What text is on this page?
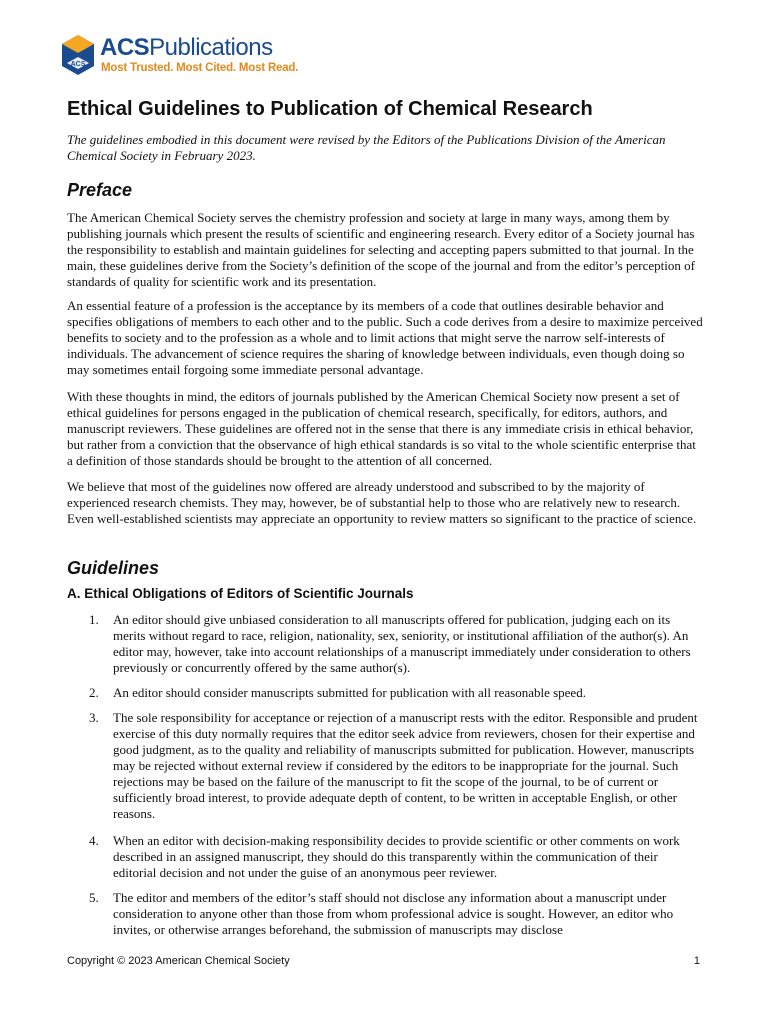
ACS
ACSPublications
Most Trusted. Most Cited. Most Read.
Ethical Guidelines to Publication of Chemical Research

The guidelines embodied in this document were revised by the Editors of the Publications Division of the American Chemical Society in February 2023.

Preface

The American Chemical Society serves the chemistry profession and society at large in many ways, among them by publishing journals which present the results of scientific and engineering research. Every editor of a Society journal has the responsibility to establish and maintain guidelines for selecting and accepting papers submitted to that journal. In the main, these guidelines derive from the Society’s definition of the scope of the journal and from the editor’s perception of standards of quality for scientific work and its presentation.

An essential feature of a profession is the acceptance by its members of a code that outlines desirable behavior and specifies obligations of members to each other and to the public. Such a code derives from a desire to maximize perceived benefits to society and to the profession as a whole and to limit actions that might serve the narrow self-interests of individuals. The advancement of science requires the sharing of knowledge between individuals, even though doing so may sometimes entail forgoing some immediate personal advantage.

With these thoughts in mind, the editors of journals published by the American Chemical Society now present a set of ethical guidelines for persons engaged in the publication of chemical research, specifically, for editors, authors, and manuscript reviewers. These guidelines are offered not in the sense that there is any immediate crisis in ethical behavior, but rather from a conviction that the observance of high ethical standards is so vital to the whole scientific enterprise that a definition of those standards should be brought to the attention of all concerned.

We believe that most of the guidelines now offered are already understood and subscribed to by the majority of experienced research chemists. They may, however, be of substantial help to those who are relatively new to research. Even well-established scientists may appreciate an opportunity to review matters so significant to the practice of science.

Guidelines
A. Ethical Obligations of Editors of Scientific Journals
1. An editor should give unbiased consideration to all manuscripts offered for publication, judging each on its merits without regard to race, religion, nationality, sex, seniority, or institutional affiliation of the author(s). An editor may, however, take into account relationships of a manuscript immediately under consideration to others previously or concurrently offered by the same author(s).

2. An editor should consider manuscripts submitted for publication with all reasonable speed.

3. The sole responsibility for acceptance or rejection of a manuscript rests with the editor. Responsible and prudent exercise of this duty normally requires that the editor seek advice from reviewers, chosen for their expertise and good judgment, as to the quality and reliability of manuscripts submitted for publication. However, manuscripts may be rejected without external review if considered by the editors to be inappropriate for the journal. Such rejections may be based on the failure of the manuscript to fit the scope of the journal, to be of current or sufficiently broad interest, to provide adequate depth of content, to be written in acceptable English, or other reasons.

4. When an editor with decision-making responsibility decides to provide scientific or other comments on work described in an assigned manuscript, they should do this transparently within the communication of their editorial decision and not under the guise of an anonymous peer reviewer.

5. The editor and members of the editor’s staff should not disclose any information about a manuscript under consideration to anyone other than those from whom professional advice is sought. However, an editor who invites, or otherwise arranges beforehand, the submission of manuscripts may disclose

Copyright © 2023 American Chemical Society	1
